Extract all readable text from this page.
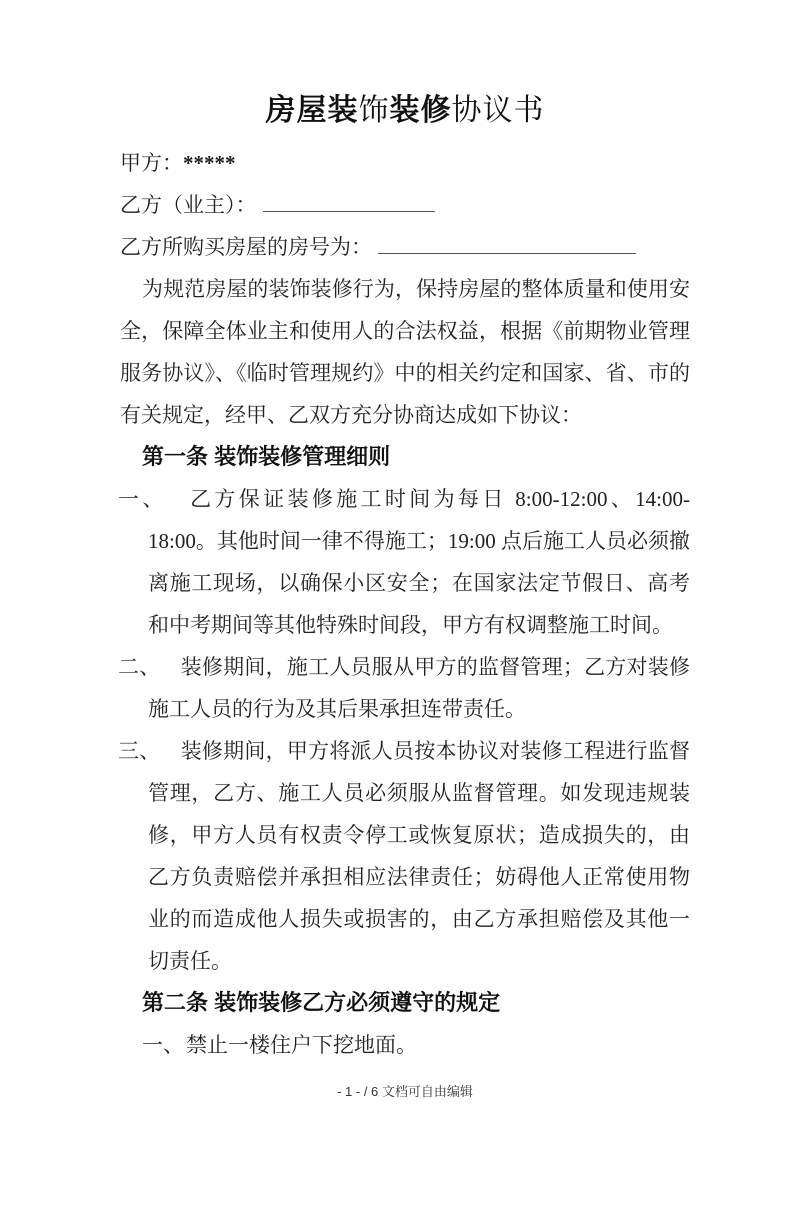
房屋装饰装修协议书

甲方：*****

乙方（业主）：

乙方所购买房屋的房号为：

为规范房屋的装饰装修行为，保持房屋的整体质量和使用安全，保障全体业主和使用人的合法权益，根据《前期物业管理服务协议》、《临时管理规约》中的相关约定和国家、省、市的有关规定，经甲、乙双方充分协商达成如下协议：

第一条 装饰装修管理细则

一、 乙方保证装修施工时间为每日 8:00-12:00、14:00-18:00。其他时间一律不得施工；19:00 点后施工人员必须撤离施工现场，以确保小区安全；在国家法定节假日、高考和中考期间等其他特殊时间段，甲方有权调整施工时间。

二、 装修期间，施工人员服从甲方的监督管理；乙方对装修施工人员的行为及其后果承担连带责任。

三、 装修期间，甲方将派人员按本协议对装修工程进行监督管理，乙方、施工人员必须服从监督管理。如发现违规装修，甲方人员有权责令停工或恢复原状；造成损失的，由乙方负责赔偿并承担相应法律责任；妨碍他人正常使用物业的而造成他人损失或损害的，由乙方承担赔偿及其他一切责任。

第二条 装饰装修乙方必须遵守的规定

一、禁止一楼住户下挖地面。

- 1 - / 6 文档可自由编辑
